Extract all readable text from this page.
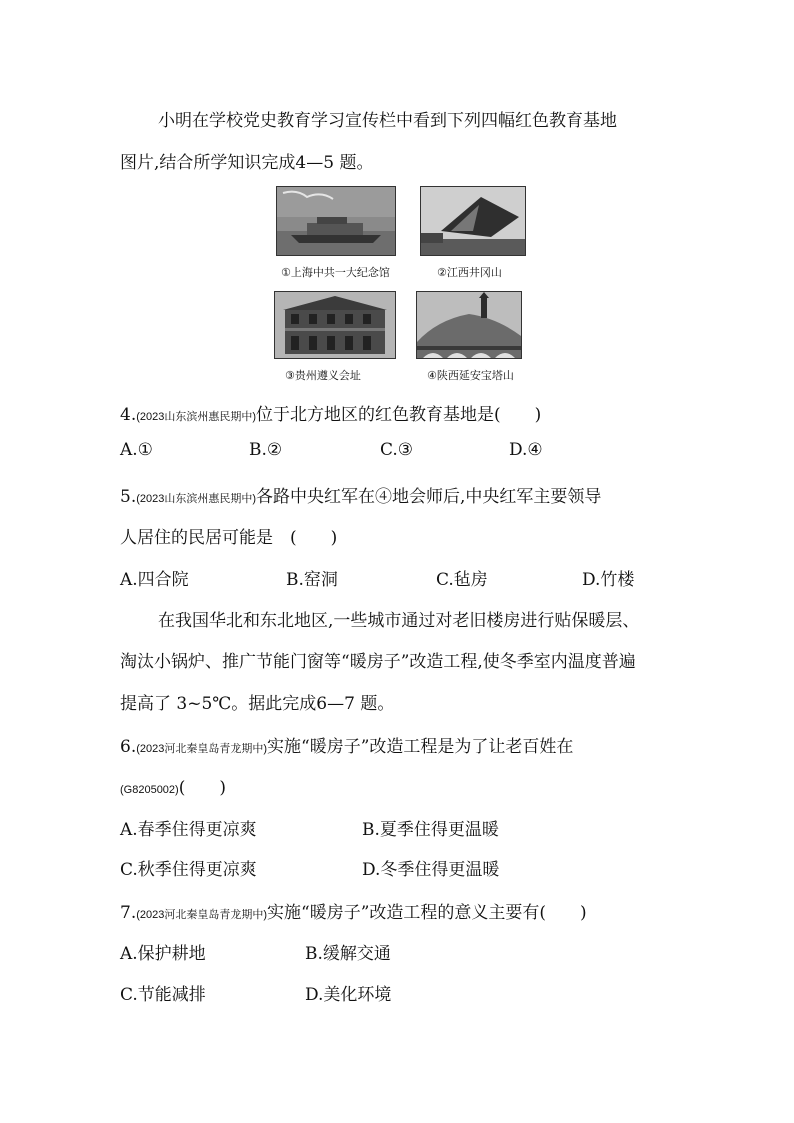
小明在学校党史教育学习宣传栏中看到下列四幅红色教育基地
图片,结合所学知识完成4—5 题。
①上海中共一大纪念馆	②江西井冈山
③贵州遵义会址	④陕西延安宝塔山
4.(2023山东滨州惠民期中)位于北方地区的红色教育基地是(　　)
A.①	B.②	C.③	D.④
5.(2023山东滨州惠民期中)各路中央红军在④地会师后,中央红军主要领导
人居住的民居可能是　(　　)
A.四合院	B.窑洞	C.毡房	D.竹楼
在我国华北和东北地区,一些城市通过对老旧楼房进行贴保暖层、
淘汰小锅炉、推广节能门窗等“暖房子”改造工程,使冬季室内温度普遍
提高了 3~5℃。据此完成6—7 题。
6.(2023河北秦皇岛青龙期中)实施“暖房子”改造工程是为了让老百姓在
(G8205002)(　　)
A.春季住得更凉爽	B.夏季住得更温暖
C.秋季住得更凉爽	D.冬季住得更温暖
7.(2023河北秦皇岛青龙期中)实施“暖房子”改造工程的意义主要有(　　)
A.保护耕地	B.缓解交通
C.节能减排	D.美化环境
